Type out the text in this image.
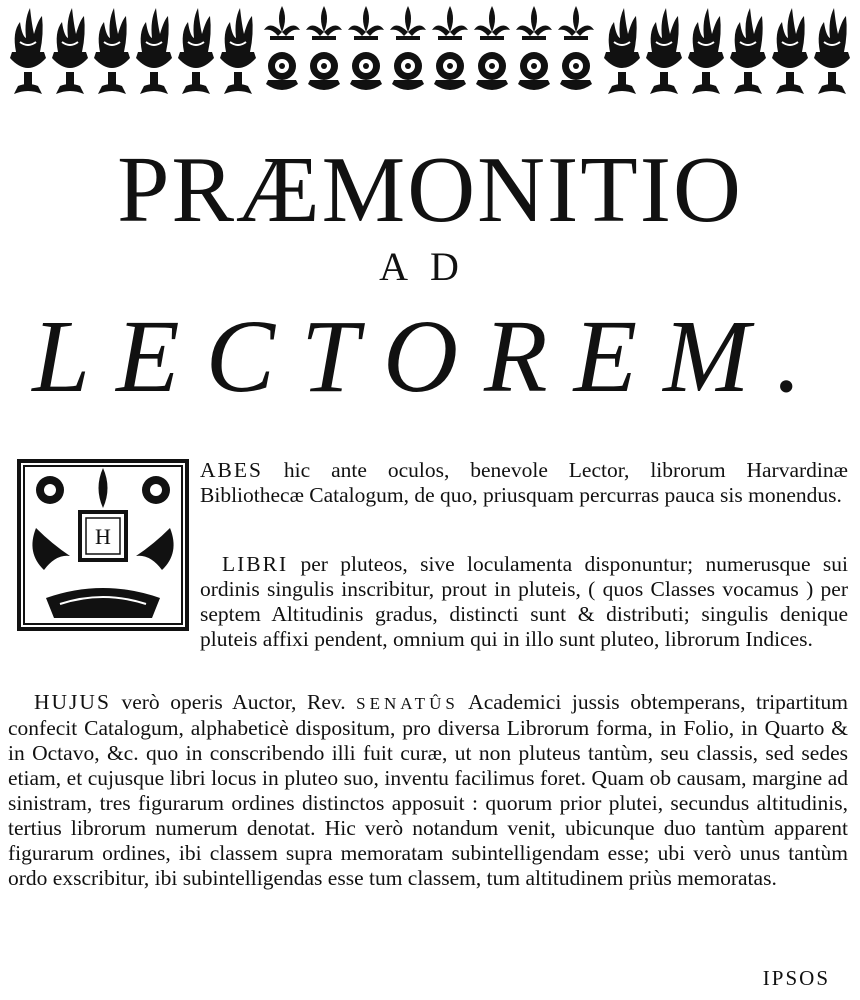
PRÆMONITIO
AD
LECTOREM.
H

ABES hic ante oculos, benevole Lector, librorum Harvardinæ Bibliothecæ Catalogum, de quo, priusquam percurras pauca sis monendus.

LIBRI per pluteos, sive loculamenta disponuntur; numerusque sui ordinis singulis inscribitur, prout in pluteis, ( quos Classes vocamus ) per septem Altitudinis gradus, distincti sunt & distributi; singulis denique pluteis affixi pendent, omnium qui in illo sunt pluteo, librorum Indices.

HUJUS verò operis Auctor, Rev. SENATÛS Academici jussis obtemperans, tripartitum confecit Catalogum, alphabeticè dispositum, pro diversa Librorum forma, in Folio, in Quarto & in Octavo, &c. quo in conscribendo illi fuit curæ, ut non pluteus tantùm, seu classis, sed sedes etiam, et cujusque libri locus in pluteo suo, inventu facilimus foret. Quam ob causam, margine ad sinistram, tres figurarum ordines distinctos apposuit : quorum prior plutei, secundus altitudinis, tertius librorum numerum denotat. Hic verò notandum venit, ubicunque duo tantùm apparent figurarum ordines, ibi classem supra memoratam subintelligendam esse; ubi verò unus tantùm ordo exscribitur, ibi subintelligendas esse tum classem, tum altitudinem priùs memoratas.

IPSOS
